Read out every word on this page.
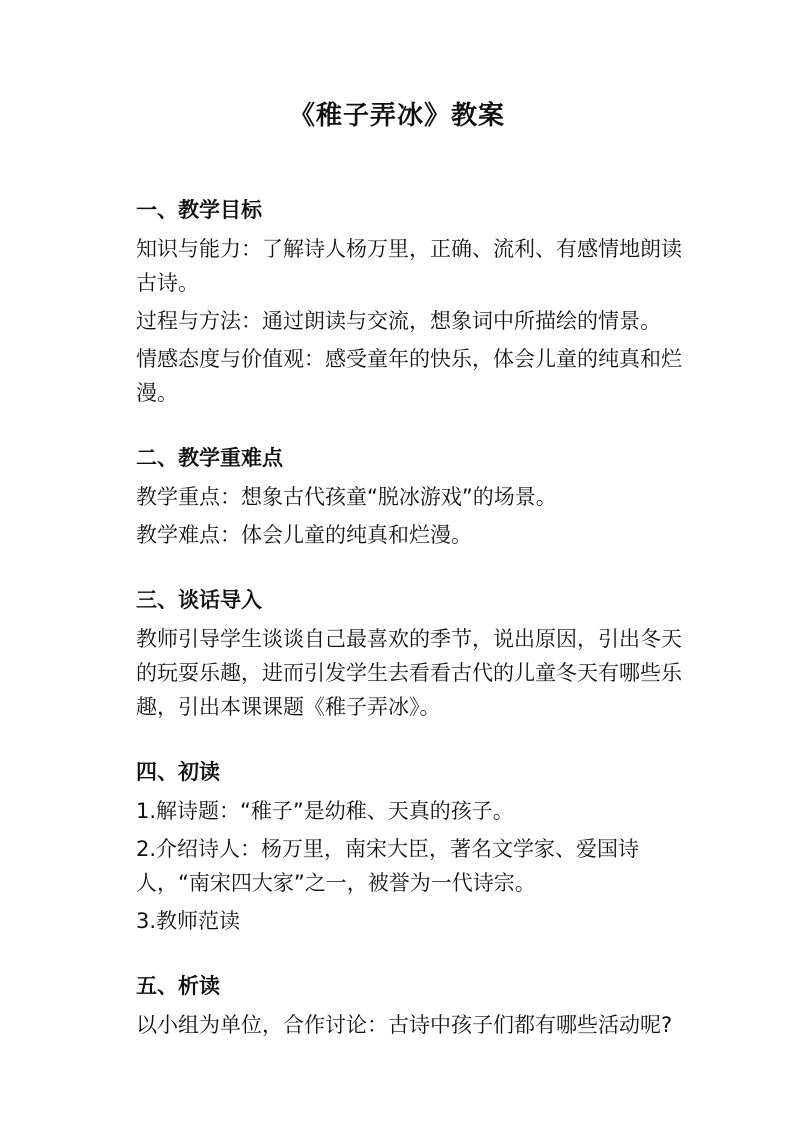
《稚子弄冰》教案
一、教学目标

知识与能力：了解诗人杨万里，正确、流利、有感情地朗读古诗。

过程与方法：通过朗读与交流，想象词中所描绘的情景。

情感态度与价值观：感受童年的快乐，体会儿童的纯真和烂漫。

二、教学重难点

教学重点：想象古代孩童“脱冰游戏”的场景。

教学难点：体会儿童的纯真和烂漫。

三、谈话导入

教师引导学生谈谈自己最喜欢的季节，说出原因，引出冬天的玩耍乐趣，进而引发学生去看看古代的儿童冬天有哪些乐趣，引出本课课题《稚子弄冰》。

四、初读

1.解诗题：“稚子”是幼稚、天真的孩子。

2.介绍诗人：杨万里，南宋大臣，著名文学家、爱国诗人，“南宋四大家”之一，被誉为一代诗宗。

3.教师范读

五、析读

以小组为单位，合作讨论：古诗中孩子们都有哪些活动呢?
